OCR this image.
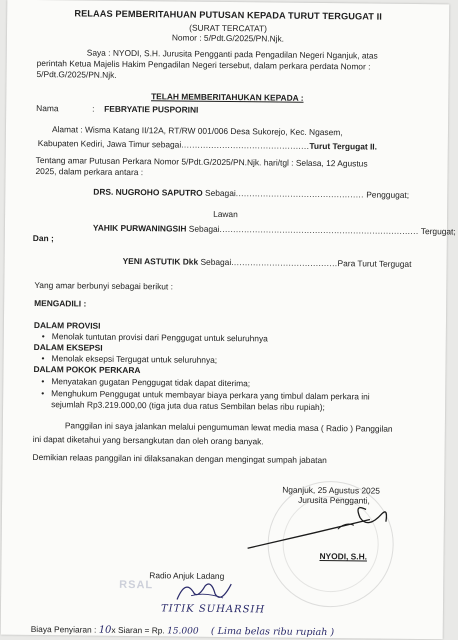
RELAAS PEMBERITAHUAN PUTUSAN KEPADA TURUT TERGUGAT II
(SURAT TERCATAT)
Nomor : 5/Pdt.G/2025/PN.Njk.
Saya : NYODI, S.H. Jurusita Pengganti pada Pengadilan Negeri Nganjuk, atas
perintah Ketua Majelis Hakim Pengadilan Negeri tersebut, dalam perkara perdata Nomor :
5/Pdt.G/2025/PN.Njk.
TELAH MEMBERITAHUKAN KEPADA :
Nama	: FEBRYATIE PUSPORINI
Alamat : Wisma Katang II/12A, RT/RW 001/006 Desa Sukorejo, Kec. Ngasem,
Kabupaten Kediri, Jawa Timur sebagai...............................................Turut Tergugat II.
Tentang amar Putusan Perkara Nomor 5/Pdt.G/2025/PN.Njk. hari/tgl : Selasa, 12 Agustus
2025, dalam perkara antara :
DRS. NUGROHO SAPUTRO Sebagai............................................... Penggugat;
Lawan
YAHIK PURWANINGSIH Sebagai......................................................................... Tergugat;
Dan ;
YENI ASTUTIK Dkk Sebagai.......................................Para Turut Tergugat
Yang amar berbunyi sebagai berikut :
MENGADILI :
DALAM PROVISI
• Menolak tuntutan provisi dari Penggugat untuk seluruhnya
DALAM EKSEPSI
• Menolak eksepsi Tergugat untuk seluruhnya;
DALAM POKOK PERKARA
• Menyatakan gugatan Penggugat tidak dapat diterima;
• Menghukum Penggugat untuk membayar biaya perkara yang timbul dalam perkara ini
sejumlah Rp3.219.000,00 (tiga juta dua ratus Sembilan belas ribu rupiah);
Panggilan ini saya jalankan melalui pengumuman lewat media masa ( Radio ) Panggilan
ini dapat diketahui yang bersangkutan dan oleh orang banyak.
Demikian relaas panggilan ini dilaksanakan dengan mengingat sumpah jabatan
Nganjuk, 25 Agustus 2025
Jurusita Pengganti,
NYODI, S.H.
Radio Anjuk Ladang
RSAL
TITIK SUHARSIH
Biaya Penyiaran : 10x Siaran = Rp. 15.000 ( Lima belas ribu rupiah )
